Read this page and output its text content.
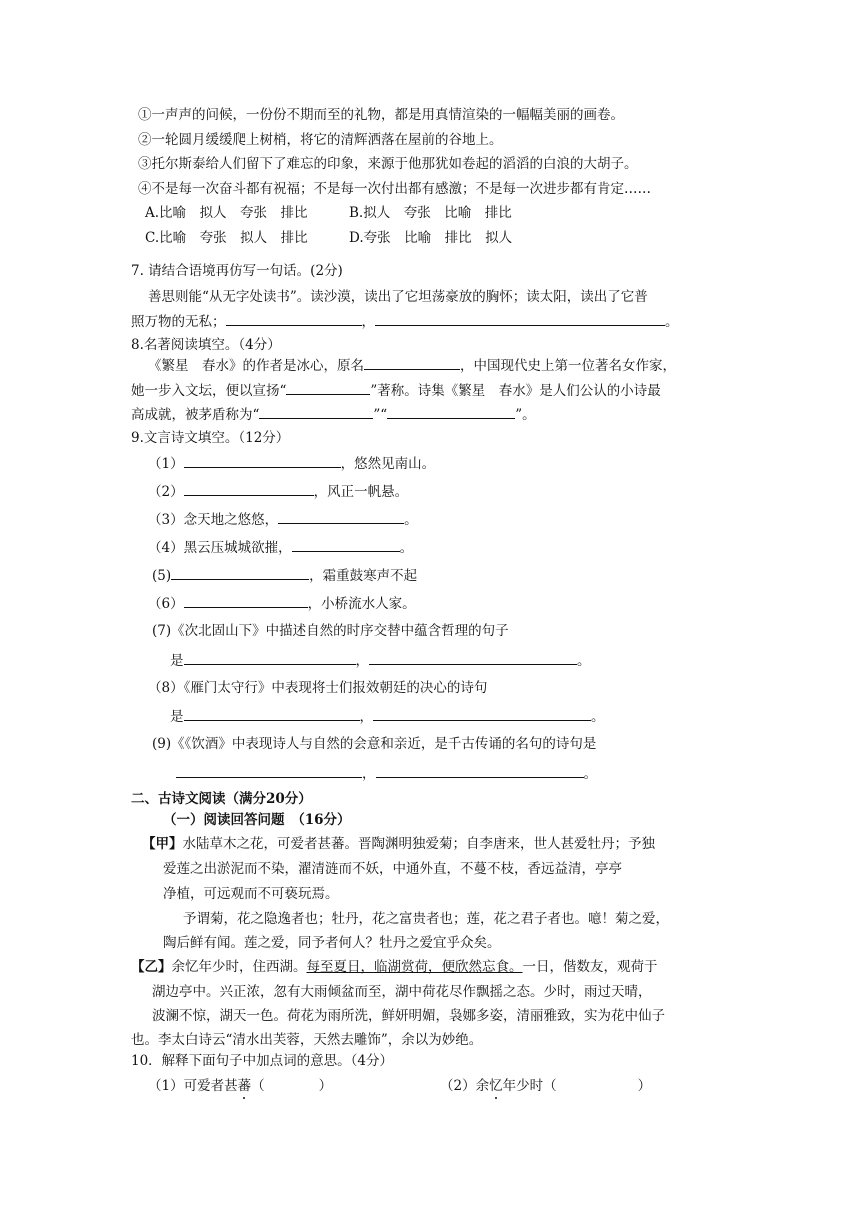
①一声声的问候，一份份不期而至的礼物，都是用真情渲染的一幅幅美丽的画卷。
②一轮圆月缓缓爬上树梢，将它的清辉洒落在屋前的谷地上。
③托尔斯泰给人们留下了难忘的印象，来源于他那犹如卷起的滔滔的白浪的大胡子。
④不是每一次奋斗都有祝福；不是每一次付出都有感激；不是每一次进步都有肯定……
A.比喻　拟人　夸张　排比	B.拟人　夸张　比喻　排比
C.比喻　夸张　拟人　排比	D.夸张　比喻　排比　拟人
7. 请结合语境再仿写一句话。(2分)
善思则能“从无字处读书”。读沙漠，读出了它坦荡豪放的胸怀；读太阳，读出了它普
照万物的无私；	，	。
8.名著阅读填空。（4分）
《繁星　春水》的作者是冰心，原名	，中国现代史上第一位著名女作家，
她一步入文坛，便以宣扬“	”著称。诗集《繁星　春水》是人们公认的小诗最
高成就，被茅盾称为“	”“	”。
9.文言诗文填空。（12分）
（1）	，悠然见南山。
（2）	，风正一帆悬。
（3）念天地之悠悠，	。
（4）黑云压城城欲摧，	。
(5)	，霜重鼓寒声不起
（6）	，小桥流水人家。
(7)《次北固山下》中描述自然的时序交替中蕴含哲理的句子
是	，	。
（8）《雁门太守行》中表现将士们报效朝廷的决心的诗句
是	，	。
(9)《《饮酒》中表现诗人与自然的会意和亲近，是千古传诵的名句的诗句是
，	。
二、古诗文阅读（满分20分）
（一）阅读回答问题　（16分）
【甲】水陆草木之花，可爱者甚蕃。晋陶渊明独爱菊；自李唐来，世人甚爱牡丹；予独
爱莲之出淤泥而不染，濯清涟而不妖，中通外直，不蔓不枝，香远益清，亭亭
净植，可远观而不可亵玩焉。
予谓菊，花之隐逸者也；牡丹，花之富贵者也；莲，花之君子者也。噫！菊之爱，
陶后鲜有闻。莲之爱，同予者何人？牡丹之爱宜乎众矣。
【乙】余忆年少时，住西湖。每至夏日，临湖赏荷，便欣然忘食。一日，偕数友，观荷于
湖边亭中。兴正浓，忽有大雨倾盆而至，湖中荷花尽作飘摇之态。少时，雨过天晴，
波澜不惊，湖天一色。荷花为雨所洗，鲜妍明媚，袅娜多姿，清丽雅致，实为花中仙子
也。李太白诗云“清水出芙蓉，天然去雕饰”，余以为妙绝。
10．解释下面句子中加点词的意思。（4分）
（1）可爱者甚蕃（　　　　）	（2）余忆年少时（　　　　　　）
